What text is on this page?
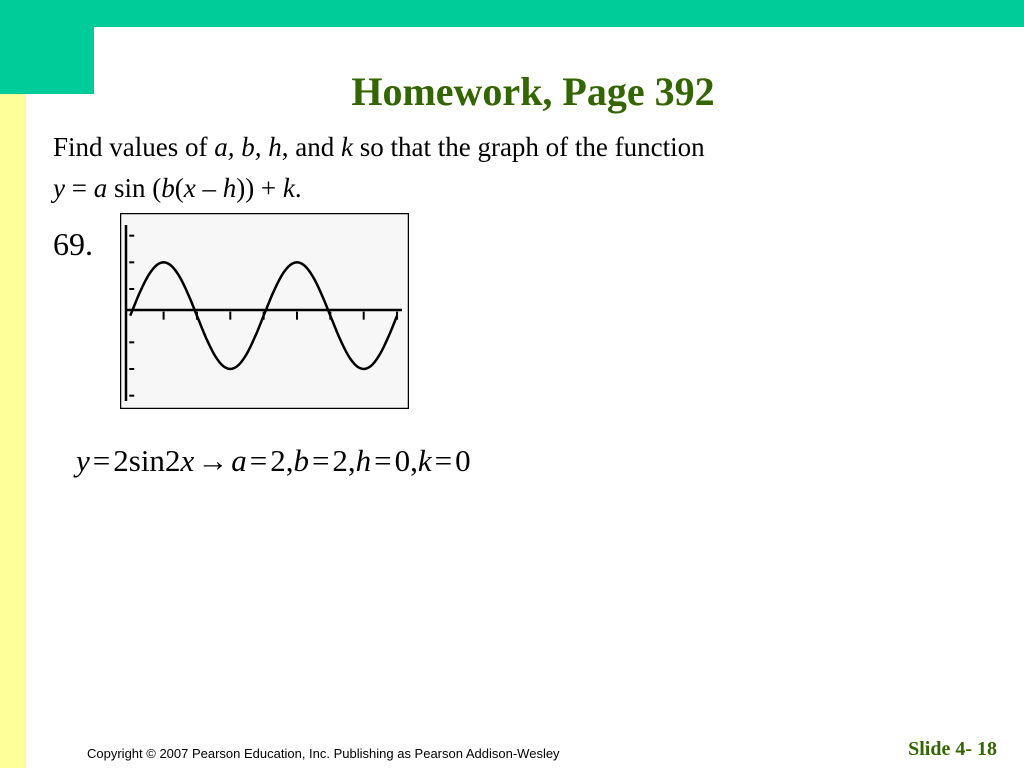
Homework, Page 392
Find values of a, b, h, and k so that the graph of the function
y = a sin (b(x – h)) + k.
69.
y=2sin2x→a=2,b=2,h=0,k=0
Copyright © 2007 Pearson Education, Inc. Publishing as Pearson Addison-Wesley	Slide 4- 18
